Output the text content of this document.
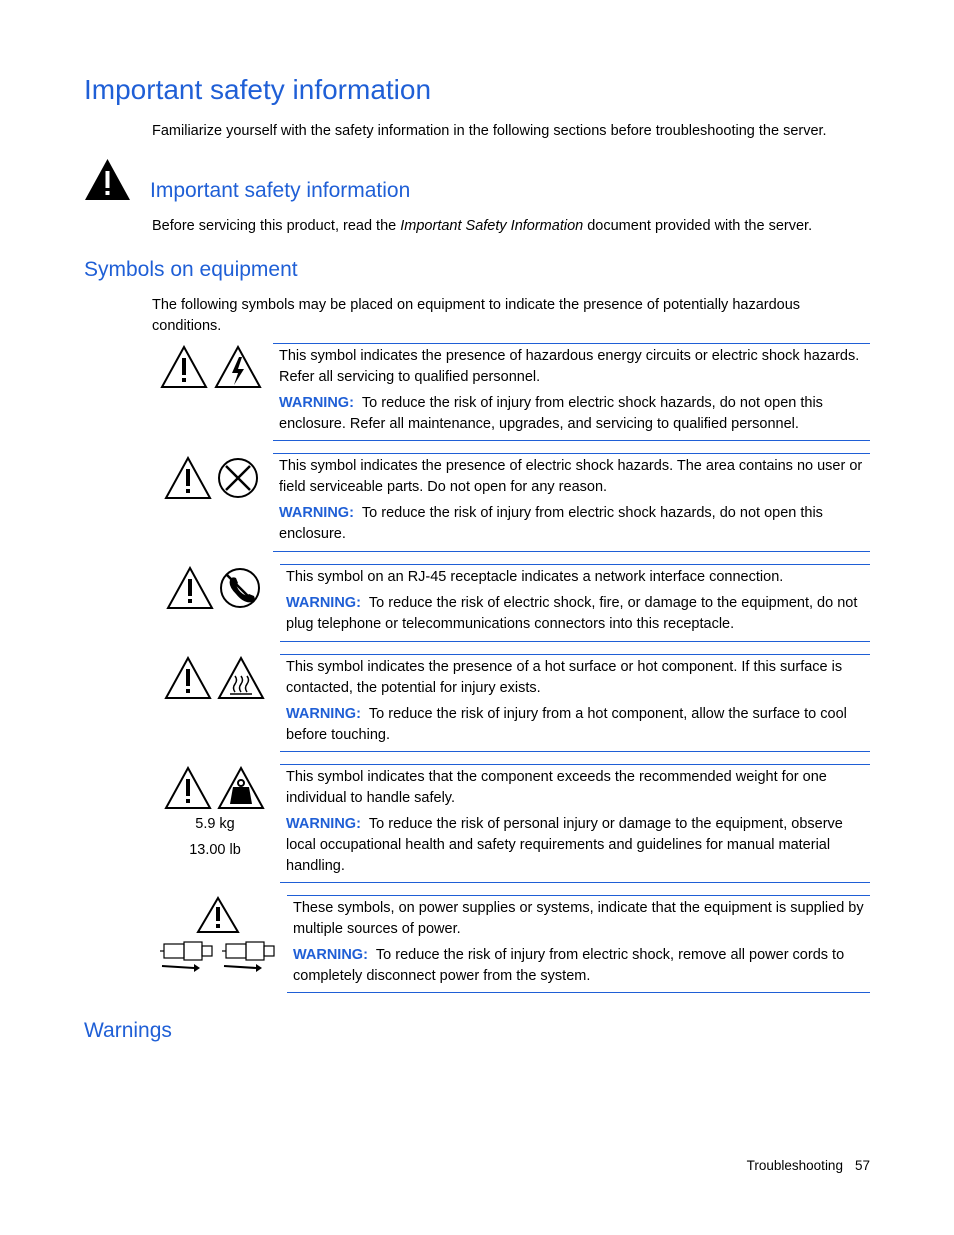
Important safety information

Familiarize yourself with the safety information in the following sections before troubleshooting the server.

Important safety information

Before servicing this product, read the Important Safety Information document provided with the server.

Symbols on equipment

The following symbols may be placed on equipment to indicate the presence of potentially hazardous conditions.

This symbol indicates the presence of hazardous energy circuits or electric shock hazards. Refer all servicing to qualified personnel.

WARNING: To reduce the risk of injury from electric shock hazards, do not open this enclosure. Refer all maintenance, upgrades, and servicing to qualified personnel.

This symbol indicates the presence of electric shock hazards. The area contains no user or field serviceable parts. Do not open for any reason.

WARNING: To reduce the risk of injury from electric shock hazards, do not open this enclosure.

This symbol on an RJ-45 receptacle indicates a network interface connection.

WARNING: To reduce the risk of electric shock, fire, or damage to the equipment, do not plug telephone or telecommunications connectors into this receptacle.

This symbol indicates the presence of a hot surface or hot component. If this surface is contacted, the potential for injury exists.

WARNING: To reduce the risk of injury from a hot component, allow the surface to cool before touching.

5.9 kg
13.00 lb

This symbol indicates that the component exceeds the recommended weight for one individual to handle safely.

WARNING: To reduce the risk of personal injury or damage to the equipment, observe local occupational health and safety requirements and guidelines for manual material handling.

These symbols, on power supplies or systems, indicate that the equipment is supplied by multiple sources of power.

WARNING: To reduce the risk of injury from electric shock, remove all power cords to completely disconnect power from the system.

Warnings
Troubleshooting 57
